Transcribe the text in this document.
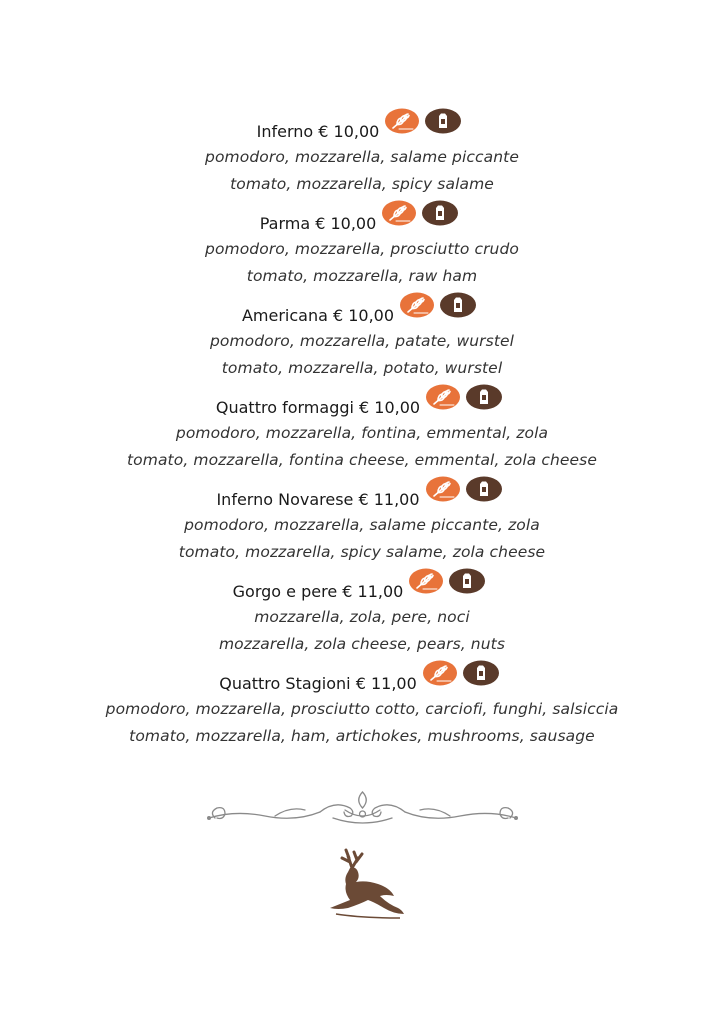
Inferno € 10,00
pomodoro, mozzarella, salame piccante
tomato, mozzarella, spicy salame
Parma € 10,00
pomodoro, mozzarella, prosciutto crudo
tomato, mozzarella, raw ham
Americana € 10,00
pomodoro, mozzarella, patate, wurstel
tomato, mozzarella, potato, wurstel
Quattro formaggi € 10,00
pomodoro, mozzarella, fontina, emmental, zola
tomato, mozzarella, fontina cheese, emmental, zola cheese
Inferno Novarese € 11,00
pomodoro, mozzarella, salame piccante, zola
tomato, mozzarella, spicy salame, zola cheese
Gorgo e pere € 11,00
mozzarella, zola, pere, noci
mozzarella, zola cheese, pears, nuts
Quattro Stagioni € 11,00
pomodoro, mozzarella, prosciutto cotto, carciofi, funghi, salsiccia
tomato, mozzarella, ham, artichokes, mushrooms, sausage
